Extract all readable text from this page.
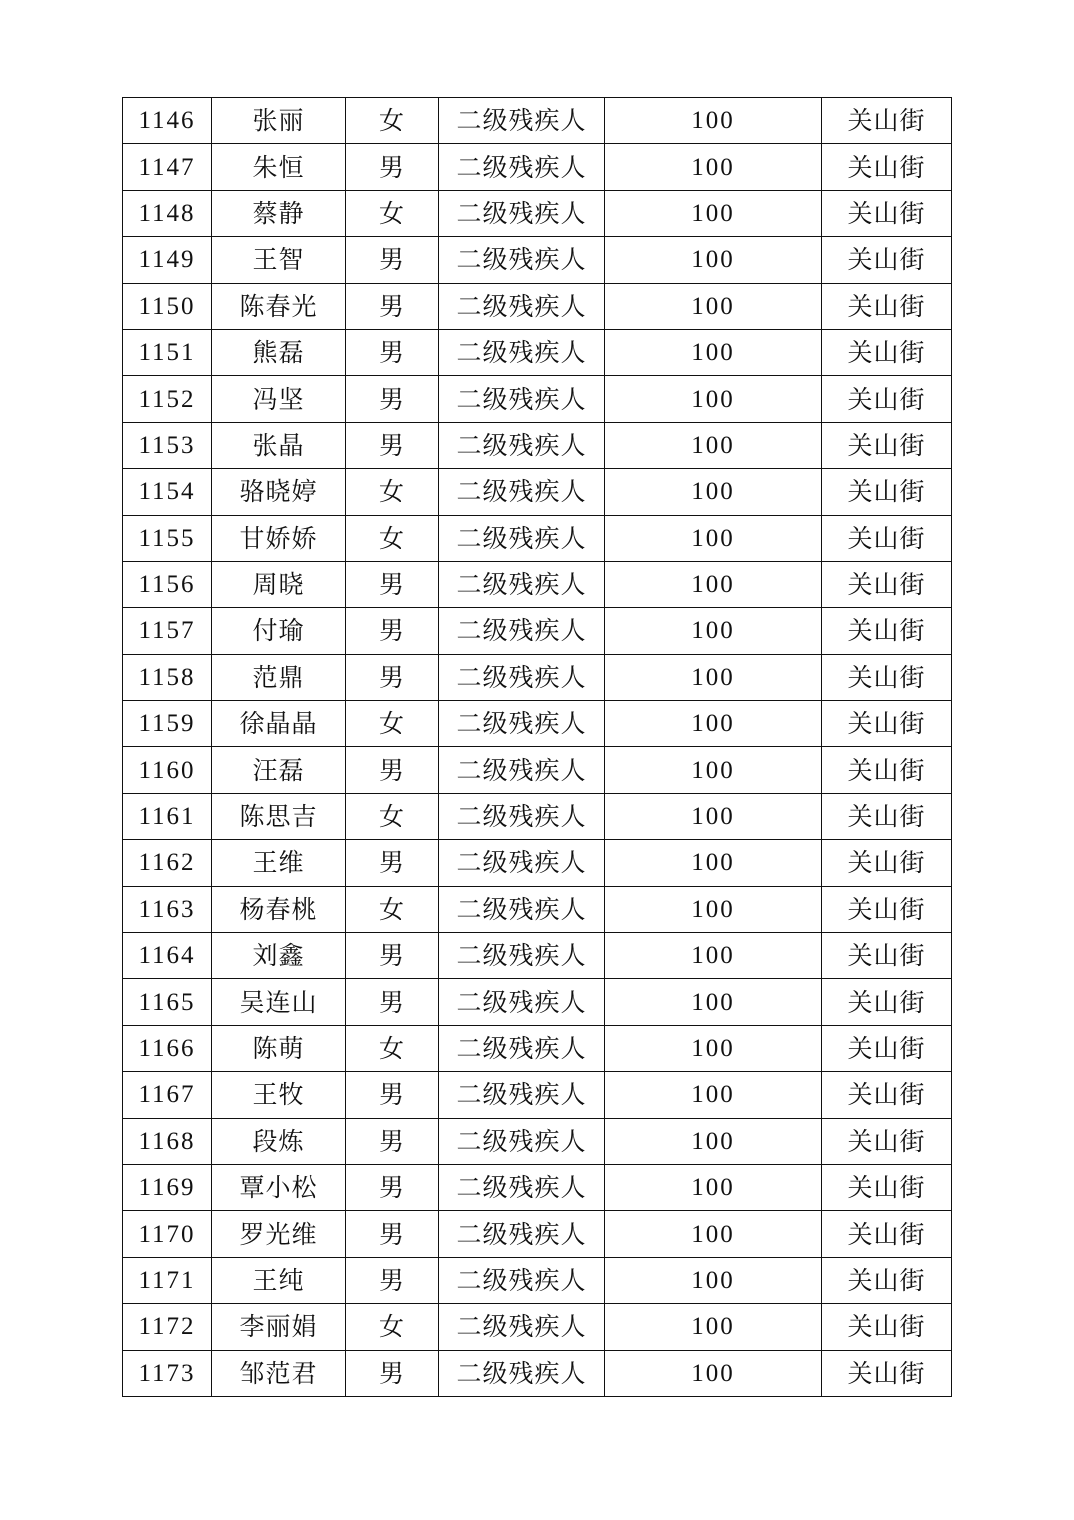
1146	张丽	女	二级残疾人	100	关山街
1147	朱恒	男	二级残疾人	100	关山街
1148	蔡静	女	二级残疾人	100	关山街
1149	王智	男	二级残疾人	100	关山街
1150	陈春光	男	二级残疾人	100	关山街
1151	熊磊	男	二级残疾人	100	关山街
1152	冯坚	男	二级残疾人	100	关山街
1153	张晶	男	二级残疾人	100	关山街
1154	骆晓婷	女	二级残疾人	100	关山街
1155	甘娇娇	女	二级残疾人	100	关山街
1156	周晓	男	二级残疾人	100	关山街
1157	付瑜	男	二级残疾人	100	关山街
1158	范鼎	男	二级残疾人	100	关山街
1159	徐晶晶	女	二级残疾人	100	关山街
1160	汪磊	男	二级残疾人	100	关山街
1161	陈思吉	女	二级残疾人	100	关山街
1162	王维	男	二级残疾人	100	关山街
1163	杨春桃	女	二级残疾人	100	关山街
1164	刘鑫	男	二级残疾人	100	关山街
1165	吴连山	男	二级残疾人	100	关山街
1166	陈萌	女	二级残疾人	100	关山街
1167	王牧	男	二级残疾人	100	关山街
1168	段炼	男	二级残疾人	100	关山街
1169	覃小松	男	二级残疾人	100	关山街
1170	罗光维	男	二级残疾人	100	关山街
1171	王纯	男	二级残疾人	100	关山街
1172	李丽娟	女	二级残疾人	100	关山街
1173	邹范君	男	二级残疾人	100	关山街
